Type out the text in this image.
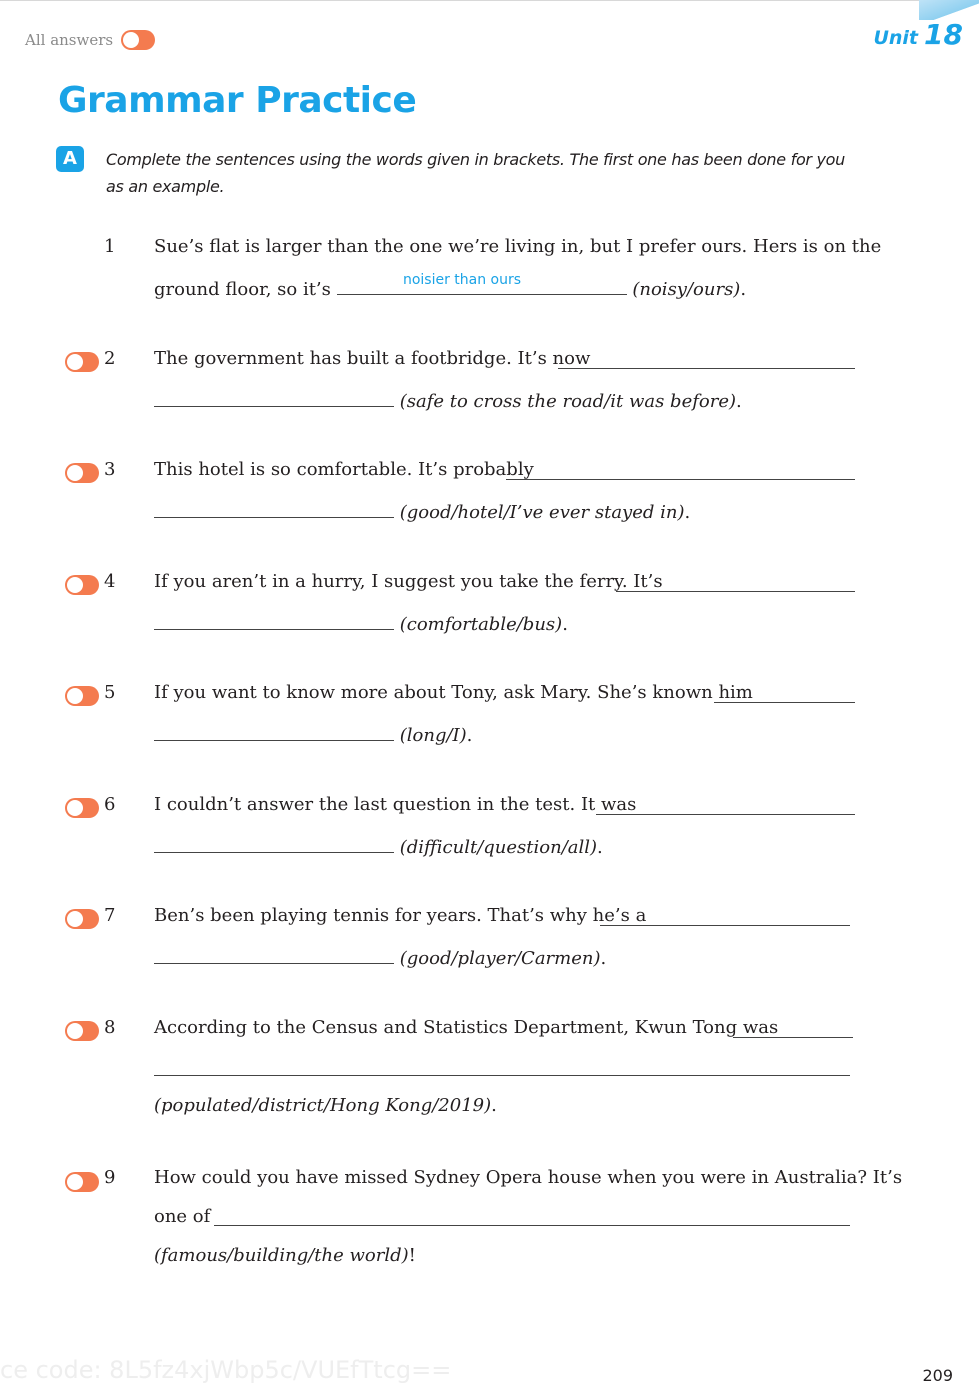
All answers	Unit 18
Grammar Practice
A	Complete the sentences using the words given in brackets. The first one has been done for you as an example.
1 Sue’s flat is larger than the one we’re living in, but I prefer ours. Hers is on the
ground floor, so it’s	(noisy/ours).
noisier than ours
2 The government has built a footbridge. It’s now
(safe to cross the road/it was before).
3 This hotel is so comfortable. It’s probably
(good/hotel/I’ve ever stayed in).
4 If you aren’t in a hurry, I suggest you take the ferry. It’s
(comfortable/bus).
5 If you want to know more about Tony, ask Mary. She’s known him
(long/I).
6 I couldn’t answer the last question in the test. It was
(difficult/question/all).
7 Ben’s been playing tennis for years. That’s why he’s a
(good/player/Carmen).
8 According to the Census and Statistics Department, Kwun Tong was
(populated/district/Hong Kong/2019).
9 How could you have missed Sydney Opera house when you were in Australia? It’s
one of
(famous/building/the world)!
ce code: 8L5fz4xjWbp5c/VUEfTtcg==	209
